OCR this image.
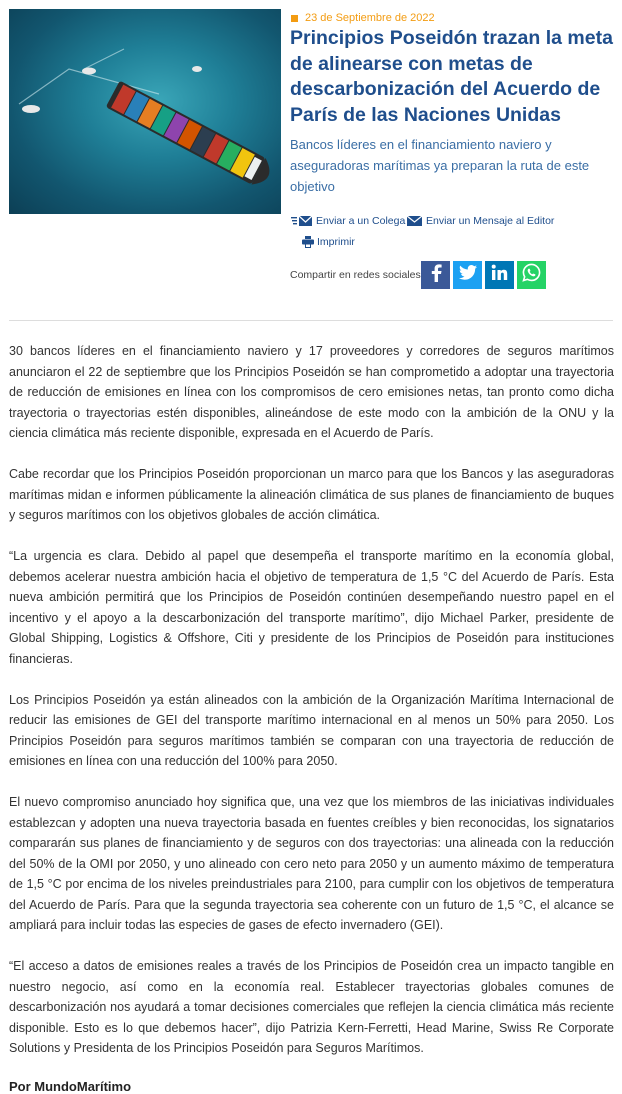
23 de Septiembre de 2022
Principios Poseidón trazan la meta de alinearse con metas de descarbonización del Acuerdo de París de las Naciones Unidas

Bancos líderes en el financiamiento naviero y aseguradoras marítimas ya preparan la ruta de este objetivo

Enviar a un Colega Enviar un Mensaje al Editor
Imprimir
Compartir en redes sociales

30 bancos líderes en el financiamiento naviero y 17 proveedores y corredores de seguros marítimos anunciaron el 22 de septiembre que los Principios Poseidón se han comprometido a adoptar una trayectoria de reducción de emisiones en línea con los compromisos de cero emisiones netas, tan pronto como dicha trayectoria o trayectorias estén disponibles, alineándose de este modo con la ambición de la ONU y la ciencia climática más reciente disponible, expresada en el Acuerdo de París.

Cabe recordar que los Principios Poseidón proporcionan un marco para que los Bancos y las aseguradoras marítimas midan e informen públicamente la alineación climática de sus planes de financiamiento de buques y seguros marítimos con los objetivos globales de acción climática.

“La urgencia es clara. Debido al papel que desempeña el transporte marítimo en la economía global, debemos acelerar nuestra ambición hacia el objetivo de temperatura de 1,5 °C del Acuerdo de París. Esta nueva ambición permitirá que los Principios de Poseidón continúen desempeñando nuestro papel en el incentivo y el apoyo a la descarbonización del transporte marítimo”, dijo Michael Parker, presidente de Global Shipping, Logistics & Offshore, Citi y presidente de los Principios de Poseidón para instituciones financieras.

Los Principios Poseidón ya están alineados con la ambición de la Organización Marítima Internacional de reducir las emisiones de GEI del transporte marítimo internacional en al menos un 50% para 2050. Los Principios Poseidón para seguros marítimos también se comparan con una trayectoria de reducción de emisiones en línea con una reducción del 100% para 2050.

El nuevo compromiso anunciado hoy significa que, una vez que los miembros de las iniciativas individuales establezcan y adopten una nueva trayectoria basada en fuentes creíbles y bien reconocidas, los signatarios compararán sus planes de financiamiento y de seguros con dos trayectorias: una alineada con la reducción del 50% de la OMI por 2050, y uno alineado con cero neto para 2050 y un aumento máximo de temperatura de 1,5 °C por encima de los niveles preindustriales para 2100, para cumplir con los objetivos de temperatura del Acuerdo de París. Para que la segunda trayectoria sea coherente con un futuro de 1,5 °C, el alcance se ampliará para incluir todas las especies de gases de efecto invernadero (GEI).

“El acceso a datos de emisiones reales a través de los Principios de Poseidón crea un impacto tangible en nuestro negocio, así como en la economía real. Establecer trayectorias globales comunes de descarbonización nos ayudará a tomar decisiones comerciales que reflejen la ciencia climática más reciente disponible. Esto es lo que debemos hacer”, dijo Patrizia Kern-Ferretti, Head Marine, Swiss Re Corporate Solutions y Presidenta de los Principios Poseidón para Seguros Marítimos.

Por MundoMarítimo
